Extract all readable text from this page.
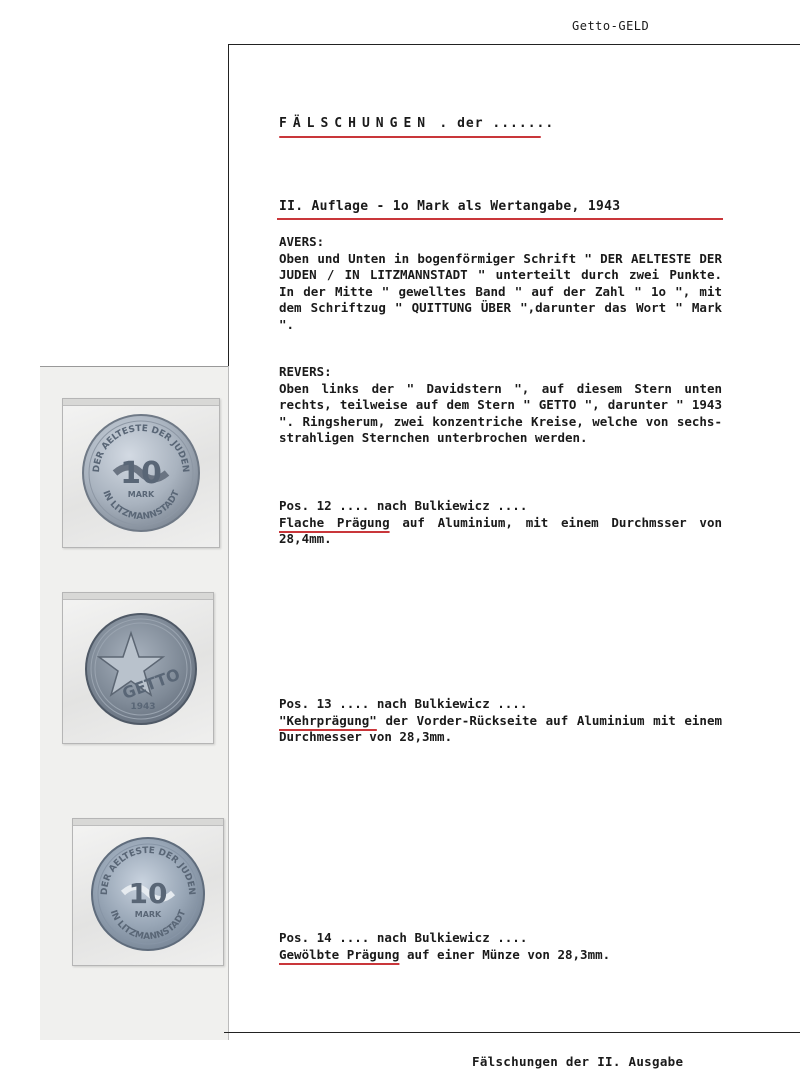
Getto-GELD
FÄLSCHUNGEN . der .......
II. Auflage - 1o Mark als Wertangabe, 1943
AVERS:
Oben und Unten in bogenförmiger Schrift " DER AELTESTE DER JUDEN / IN LITZMANNSTADT " unterteilt durch zwei Punkte. In der Mitte " gewelltes Band " auf der Zahl " 1o ", mit dem Schriftzug " QUITTUNG ÜBER ",darunter das Wort " Mark ".
REVERS:
Oben links der " Davidstern ", auf diesem Stern unten rechts, teilweise auf dem Stern " GETTO ", darunter " 1943 ". Ringsherum, zwei konzentriche Kreise, welche von sechs-strahligen Sternchen unterbrochen werden.
Pos. 12 .... nach Bulkiewicz ....
Flache Prägung auf Aluminium, mit einem Durchmsser von 28,4mm.
Pos. 13 .... nach Bulkiewicz ....
"Kehrprägung" der Vorder-Rückseite auf Aluminium mit einem Durchmesser von 28,3mm.
Pos. 14 .... nach Bulkiewicz ....
Gewölbte Prägung auf einer Münze von 28,3mm.
DER AELTESTE DER JUDEN
IN LITZMANNSTADT
10
MARK
GETTO
1943
DER AELTESTE DER JUDEN
IN LITZMANNSTADT
10
MARK
Fälschungen der II. Ausgabe
